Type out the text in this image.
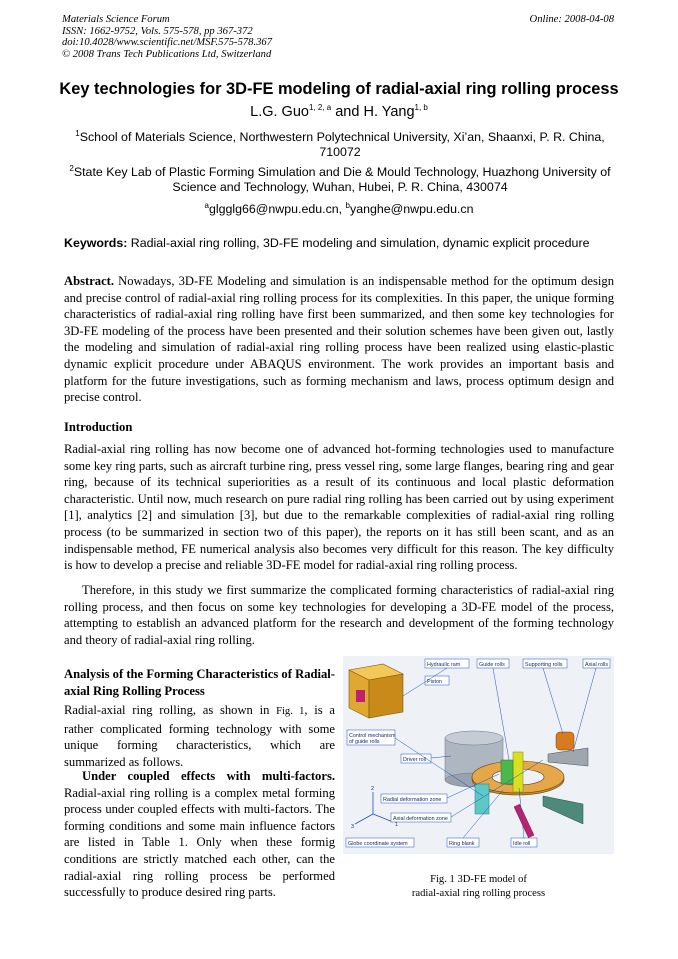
Materials Science Forum
ISSN: 1662-9752, Vols. 575-578, pp 367-372
doi:10.4028/www.scientific.net/MSF.575-578.367
© 2008 Trans Tech Publications Ltd, Switzerland
Online: 2008-04-08
Key technologies for 3D-FE modeling of radial-axial ring rolling process
L.G. Guo$^{1, 2, a}$ and H. Yang$^{1, b}$
$^1$School of Materials Science, Northwestern Polytechnical University, Xi’an, Shaanxi, P. R. China, 710072
$^2$State Key Lab of Plastic Forming Simulation and Die & Mould Technology, Huazhong University of Science and Technology, Wuhan, Hubei, P. R. China, 430074
$^a$glgglg66@nwpu.edu.cn, $^b$yanghe@nwpu.edu.cn
Keywords: Radial-axial ring rolling, 3D-FE modeling and simulation, dynamic explicit procedure
Abstract. Nowadays, 3D-FE Modeling and simulation is an indispensable method for the optimum design and precise control of radial-axial ring rolling process for its complexities. In this paper, the unique forming characteristics of radial-axial ring rolling have first been summarized, and then some key technologies for 3D-FE modeling of the process have been presented and their solution schemes have been given out, lastly the modeling and simulation of radial-axial ring rolling process have been realized using elastic-plastic dynamic explicit procedure under ABAQUS environment. The work provides an important basis and platform for the future investigations, such as forming mechanism and laws, process optimum design and precise control.
Introduction
Radial-axial ring rolling has now become one of advanced hot-forming technologies used to manufacture some key ring parts, such as aircraft turbine ring, press vessel ring, some large flanges, bearing ring and gear ring, because of its technical superiorities as a result of its continuous and local plastic deformation characteristic. Until now, much research on pure radial ring rolling has been carried out by using experiment [1], analytics [2] and simulation [3], but due to the remarkable complexities of radial-axial ring rolling process (to be summarized in section two of this paper), the reports on it has still been scant, and as an indispensable method, FE numerical analysis also becomes very difficult for this reason. The key difficulty is how to develop a precise and reliable 3D-FE model for radial-axial ring rolling process.
Therefore, in this study we first summarize the complicated forming characteristics of radial-axial ring rolling process, and then focus on some key technologies for developing a 3D-FE model of the process, attempting to establish an advanced platform for the research and development of the forming technology and theory of radial-axial ring rolling.
Analysis of the Forming Characteristics of Radial-axial Ring Rolling Process
Radial-axial ring rolling, as shown in Fig. 1, is a rather complicated forming technology with some unique forming characteristics, which are summarized as follows.
Under coupled effects with multi-factors. Radial-axial ring rolling is a complex metal forming process under coupled effects with multi-factors. The forming conditions and some main influence factors are listed in Table 1. Only when these formig conditions are strictly matched each other, can the radial-axial ring rolling process be performed successfully to produce desired ring parts.
Hydraulic ram	Guide rolls	Supporting rolls	Axial rolls
Piston
Control mechanism
of guide rolls
Driver roll
Radial deformation zone
Axial deformation zone
Globe coordinate system	Ring blank	Idle roll
2
3	1
Fig. 1 3D-FE model of
radial-axial ring rolling process
